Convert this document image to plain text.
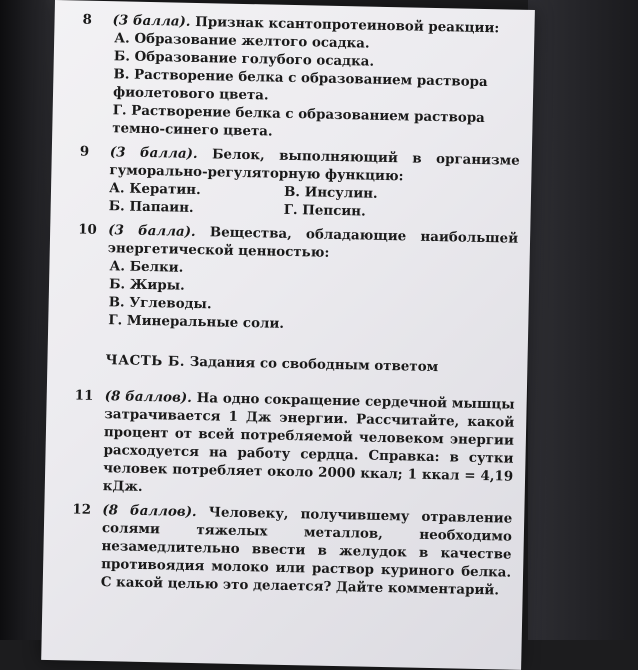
8 (3 балла). Признак ксантопротеиновой реакции:
А. Образование желтого осадка.
Б. Образование голубого осадка.
В. Растворение белка с образованием раствора фиолетового цвета.
Г. Растворение белка с образованием раствора темно-синего цвета.
9 (3 балла). Белок, выполняющий в организме гуморально-регуляторную функцию:
А. Кератин.	В. Инсулин.
Б. Папаин.	Г. Пепсин.
10 (3 балла). Вещества, обладающие наибольшей энергетической ценностью:
А. Белки.
Б. Жиры.
В. Углеводы.
Г. Минеральные соли.
ЧАСТЬ Б. Задания со свободным ответом
11 (8 баллов). На одно сокращение сердечной мышцы затрачивается 1 Дж энергии. Рассчитайте, какой процент от всей потребляемой человеком энергии расходуется на работу сердца. Справка: в сутки человек потребляет около 2000 ккал; 1 ккал = 4,19 кДж.
12 (8 баллов). Человеку, получившему отравление солями тяжелых металлов, необходимо незамедлительно ввести в желудок в качестве противоядия молоко или раствор куриного белка. С какой целью это делается? Дайте комментарий.
